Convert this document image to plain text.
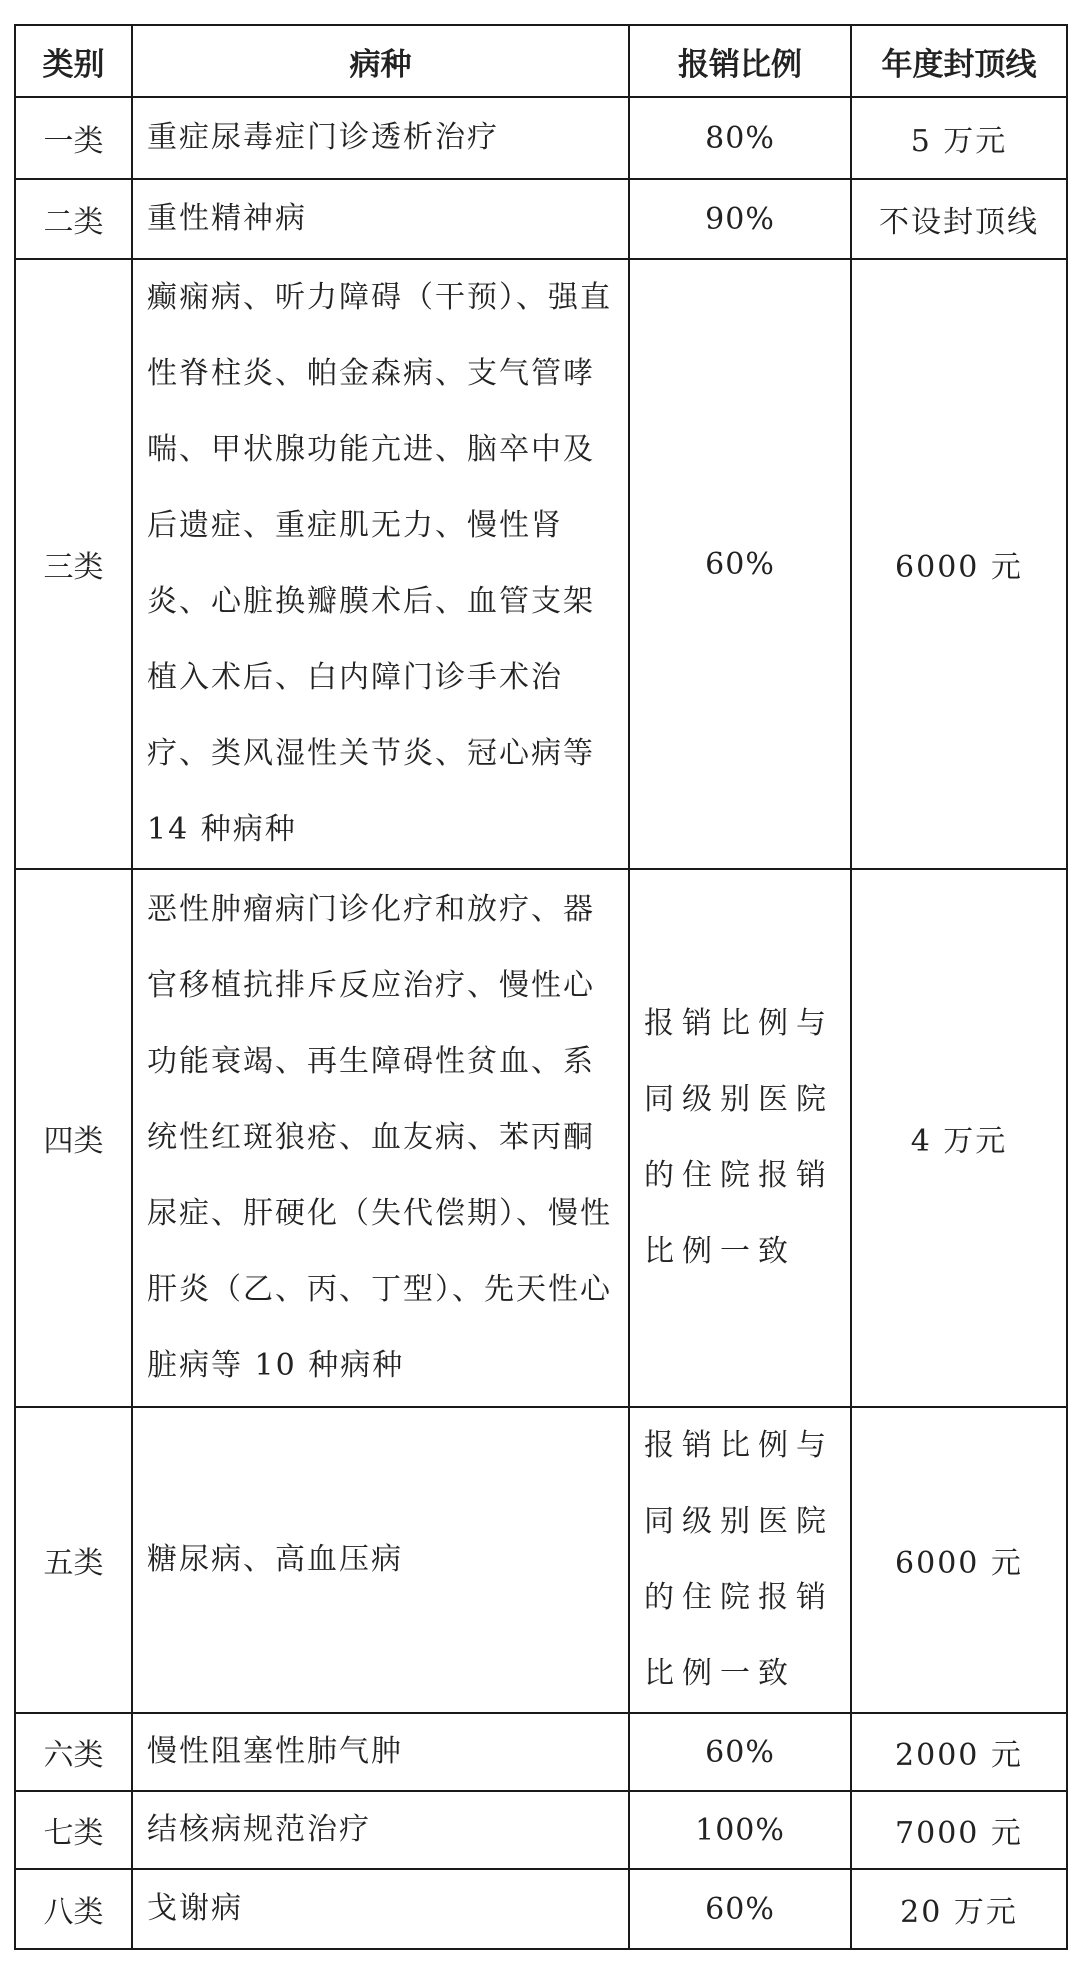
类别	病种	报销比例	年度封顶线
一类	重症尿毒症门诊透析治疗	80%	5 万元
二类	重性精神病	90%	不设封顶线
三类	癫痫病、听力障碍（干预）、强直性脊柱炎、帕金森病、支气管哮喘、甲状腺功能亢进、脑卒中及后遗症、重症肌无力、慢性肾炎、心脏换瓣膜术后、血管支架植入术后、白内障门诊手术治疗、类风湿性关节炎、冠心病等 14 种病种	60%	6000 元
四类	恶性肿瘤病门诊化疗和放疗、器官移植抗排斥反应治疗、慢性心功能衰竭、再生障碍性贫血、系统性红斑狼疮、血友病、苯丙酮尿症、肝硬化（失代偿期）、慢性肝炎（乙、丙、丁型）、先天性心脏病等 10 种病种	报销比例与同级别医院的住院报销比例一致	4 万元
五类	糖尿病、高血压病	报销比例与同级别医院的住院报销比例一致	6000 元
六类	慢性阻塞性肺气肿	60%	2000 元
七类	结核病规范治疗	100%	7000 元
八类	戈谢病	60%	20 万元
